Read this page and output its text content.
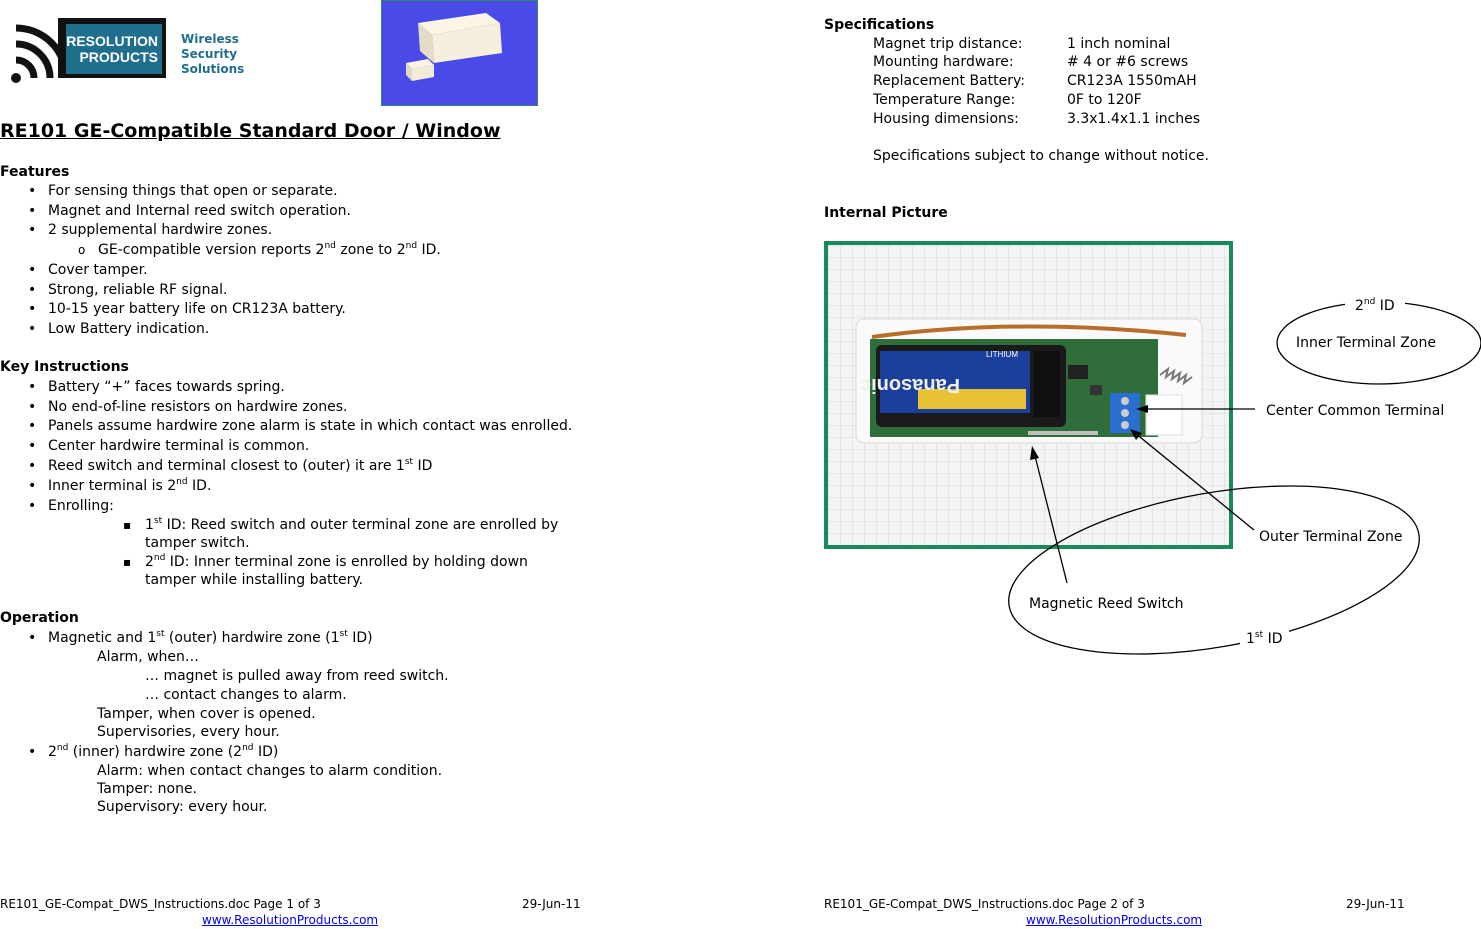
RESOLUTION
PRODUCTS
Wireless
Security
Solutions
RE101 GE-Compatible Standard Door / Window
Features
• For sensing things that open or separate.
• Magnet and Internal reed switch operation.
• 2 supplemental hardwire zones.
o GE-compatible version reports 2nd zone to 2nd ID.
• Cover tamper.
• Strong, reliable RF signal.
• 10-15 year battery life on CR123A battery.
• Low Battery indication.
Key Instructions
• Battery “+” faces towards spring.
• No end-of-line resistors on hardwire zones.
• Panels assume hardwire zone alarm is state in which contact was enrolled.
• Center hardwire terminal is common.
• Reed switch and terminal closest to (outer) it are 1st ID
• Inner terminal is 2nd ID.
• Enrolling:
▪ 1st ID: Reed switch and outer terminal zone are enrolled by
tamper switch.
▪ 2nd ID: Inner terminal zone is enrolled by holding down
tamper while installing battery.
Operation
• Magnetic and 1st (outer) hardwire zone (1st ID)
Alarm, when…
… magnet is pulled away from reed switch.
… contact changes to alarm.
Tamper, when cover is opened.
Supervisories, every hour.
• 2nd (inner) hardwire zone (2nd ID)
Alarm: when contact changes to alarm condition.
Tamper: none.
Supervisory: every hour.
RE101_GE-Compat_DWS_Instructions.doc Page 1 of 3	29-Jun-11
www.ResolutionProducts.com
Specifications
Magnet trip distance:	1 inch nominal
Mounting hardware:	# 4 or #6 screws
Replacement Battery:	CR123A 1550mAH
Temperature Range:	0F to 120F
Housing dimensions:	3.3x1.4x1.1 inches
Specifications subject to change without notice.
Internal Picture
Panasonic
LITHIUM
2nd ID
Inner Terminal Zone
Center Common Terminal
Outer Terminal Zone
Magnetic Reed Switch
1st ID
RE101_GE-Compat_DWS_Instructions.doc Page 2 of 3	29-Jun-11
www.ResolutionProducts.com
